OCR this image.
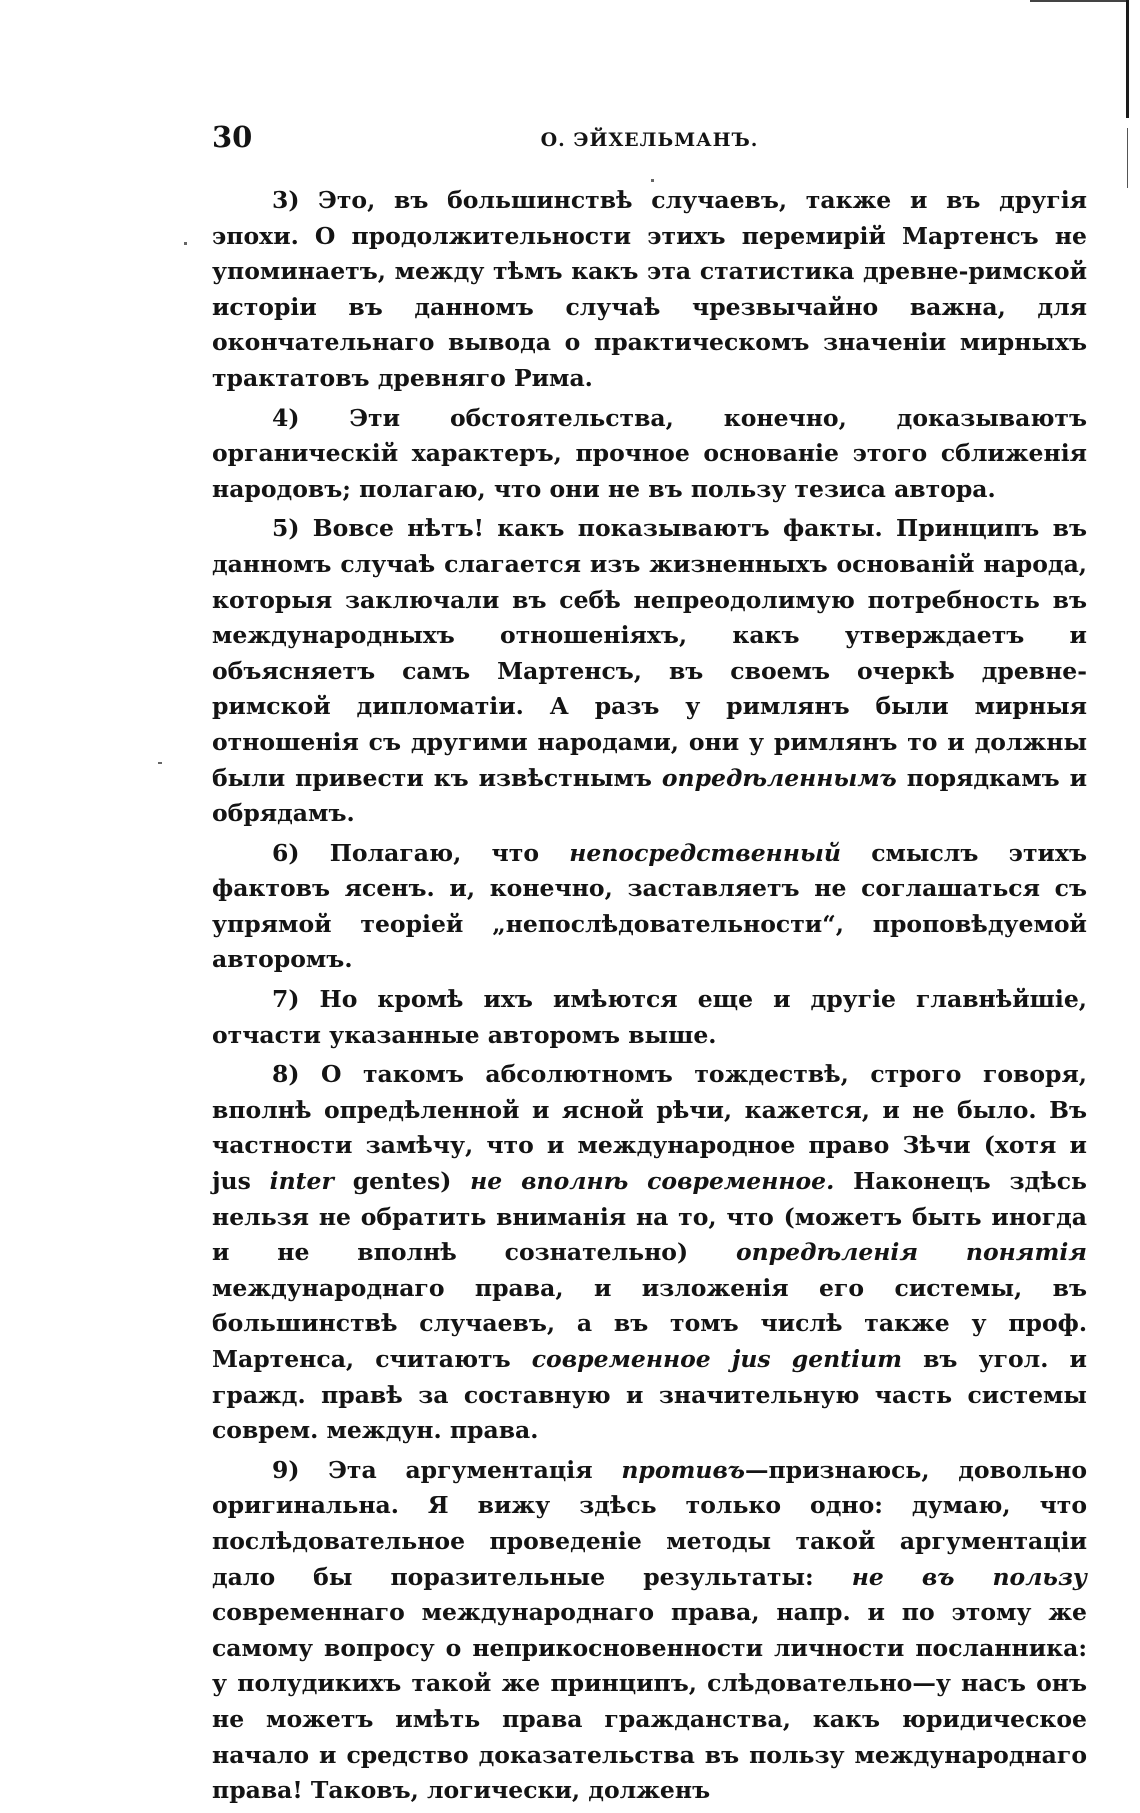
30	О. ЭЙХЕЛЬМАНЪ.

3) Это, въ большинствѣ случаевъ, также и въ другія эпохи. О продолжительности этихъ перемирій Мартенсъ не упоминаетъ, между тѣмъ какъ эта статистика древне-римской исторіи въ данномъ случаѣ чрезвычайно важна, для окончательнаго вывода о практическомъ значеніи мирныхъ трактатовъ древняго Рима.

4) Эти обстоятельства, конечно, доказываютъ органическій характеръ, прочное основаніе этого сближенія народовъ; полагаю, что они не въ пользу тезиса автора.

5) Вовсе нѣтъ! какъ показываютъ факты. Принципъ въ данномъ случаѣ слагается изъ жизненныхъ основаній народа, которыя заключали въ себѣ непреодолимую потребность въ международныхъ отношеніяхъ, какъ утверждаетъ и объясняетъ самъ Мартенсъ, въ своемъ очеркѣ древне-римской дипломатіи. А разъ у римлянъ были мирныя отношенія съ другими народами, они у римлянъ то и должны были привести къ извѣстнымъ опредѣленнымъ порядкамъ и обрядамъ.

6) Полагаю, что непосредственный смыслъ этихъ фактовъ ясенъ. и, конечно, заставляетъ не соглашаться съ упрямой теоріей „непослѣдовательности“, проповѣдуемой авторомъ.

7) Но кромѣ ихъ имѣются еще и другіе главнѣйшіе, отчасти указанные авторомъ выше.

8) О такомъ абсолютномъ тождествѣ, строго говоря, вполнѣ опредѣленной и ясной рѣчи, кажется, и не было. Въ частности замѣчу, что и международное право Зѣчи (хотя и jus inter gentes) не вполнѣ современное. Наконецъ здѣсь нельзя не обратить вниманія на то, что (можетъ быть иногда и не вполнѣ сознательно) опредѣленія понятія международнаго права, и изложенія его системы, въ большинствѣ случаевъ, а въ томъ числѣ также у проф. Мартенса, считаютъ современное jus gentium въ угол. и гражд. правѣ за составную и значительную часть системы соврем. междун. права.

9) Эта аргументація противъ—признаюсь, довольно оригинальна. Я вижу здѣсь только одно: думаю, что послѣдовательное проведеніе методы такой аргументаціи дало бы поразительные результаты: не въ пользу современнаго международнаго права, напр. и по этому же самому вопросу о неприкосновенности личности посланника: у полудикихъ такой же принципъ, слѣдовательно—у насъ онъ не можетъ имѣть права гражданства, какъ юридическое начало и средство доказательства въ пользу международнаго права! Таковъ, логически, долженъ
